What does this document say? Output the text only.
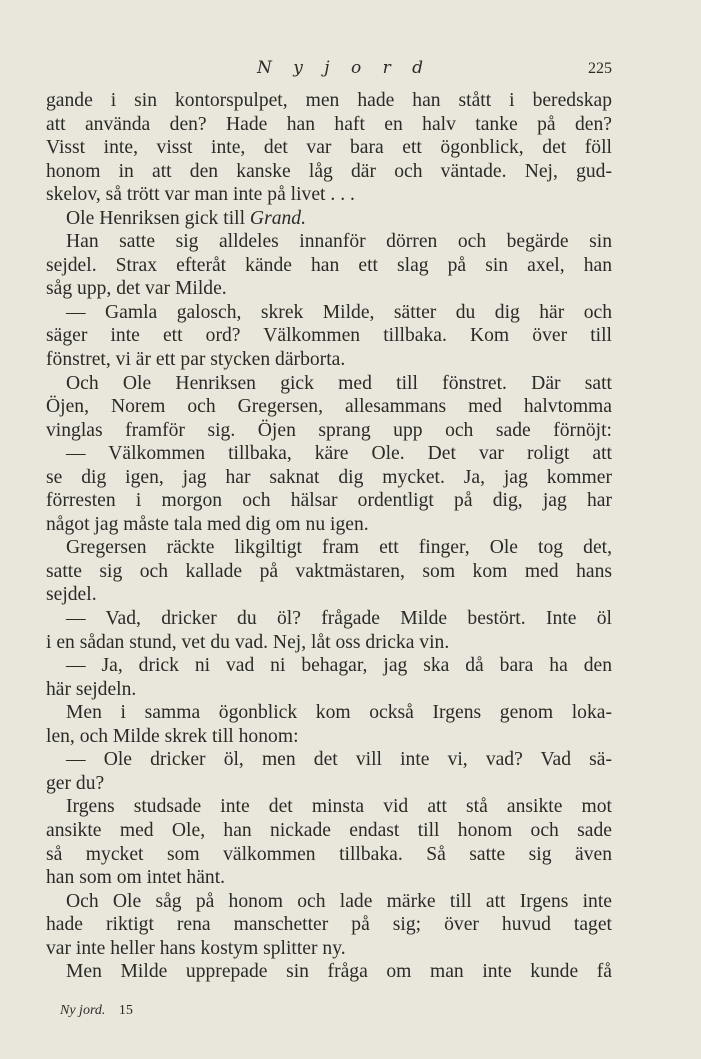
N y j o r d	225
gande i sin kontorspulpet, men hade han stått i beredskap
att använda den? Hade han haft en halv tanke på den?
Visst inte, visst inte, det var bara ett ögonblick, det föll
honom in att den kanske låg där och väntade. Nej, gud-
skelov, så trött var man inte på livet . . .
Ole Henriksen gick till Grand.
Han satte sig alldeles innanför dörren och begärde sin
sejdel. Strax efteråt kände han ett slag på sin axel, han
såg upp, det var Milde.
— Gamla galosch, skrek Milde, sätter du dig här och
säger inte ett ord? Välkommen tillbaka. Kom över till
fönstret, vi är ett par stycken därborta.
Och Ole Henriksen gick med till fönstret. Där satt
Öjen, Norem och Gregersen, allesammans med halvtomma
vinglas framför sig. Öjen sprang upp och sade förnöjt:
— Välkommen tillbaka, käre Ole. Det var roligt att
se dig igen, jag har saknat dig mycket. Ja, jag kommer
förresten i morgon och hälsar ordentligt på dig, jag har
något jag måste tala med dig om nu igen.
Gregersen räckte likgiltigt fram ett finger, Ole tog det,
satte sig och kallade på vaktmästaren, som kom med hans
sejdel.
— Vad, dricker du öl? frågade Milde bestört. Inte öl
i en sådan stund, vet du vad. Nej, låt oss dricka vin.
— Ja, drick ni vad ni behagar, jag ska då bara ha den
här sejdeln.
Men i samma ögonblick kom också Irgens genom loka-
len, och Milde skrek till honom:
— Ole dricker öl, men det vill inte vi, vad? Vad sä-
ger du?
Irgens studsade inte det minsta vid att stå ansikte mot
ansikte med Ole, han nickade endast till honom och sade
så mycket som välkommen tillbaka. Så satte sig även
han som om intet hänt.
Och Ole såg på honom och lade märke till att Irgens inte
hade riktigt rena manschetter på sig; över huvud taget
var inte heller hans kostym splitter ny.
Men Milde upprepade sin fråga om man inte kunde få
Ny jord. 15
